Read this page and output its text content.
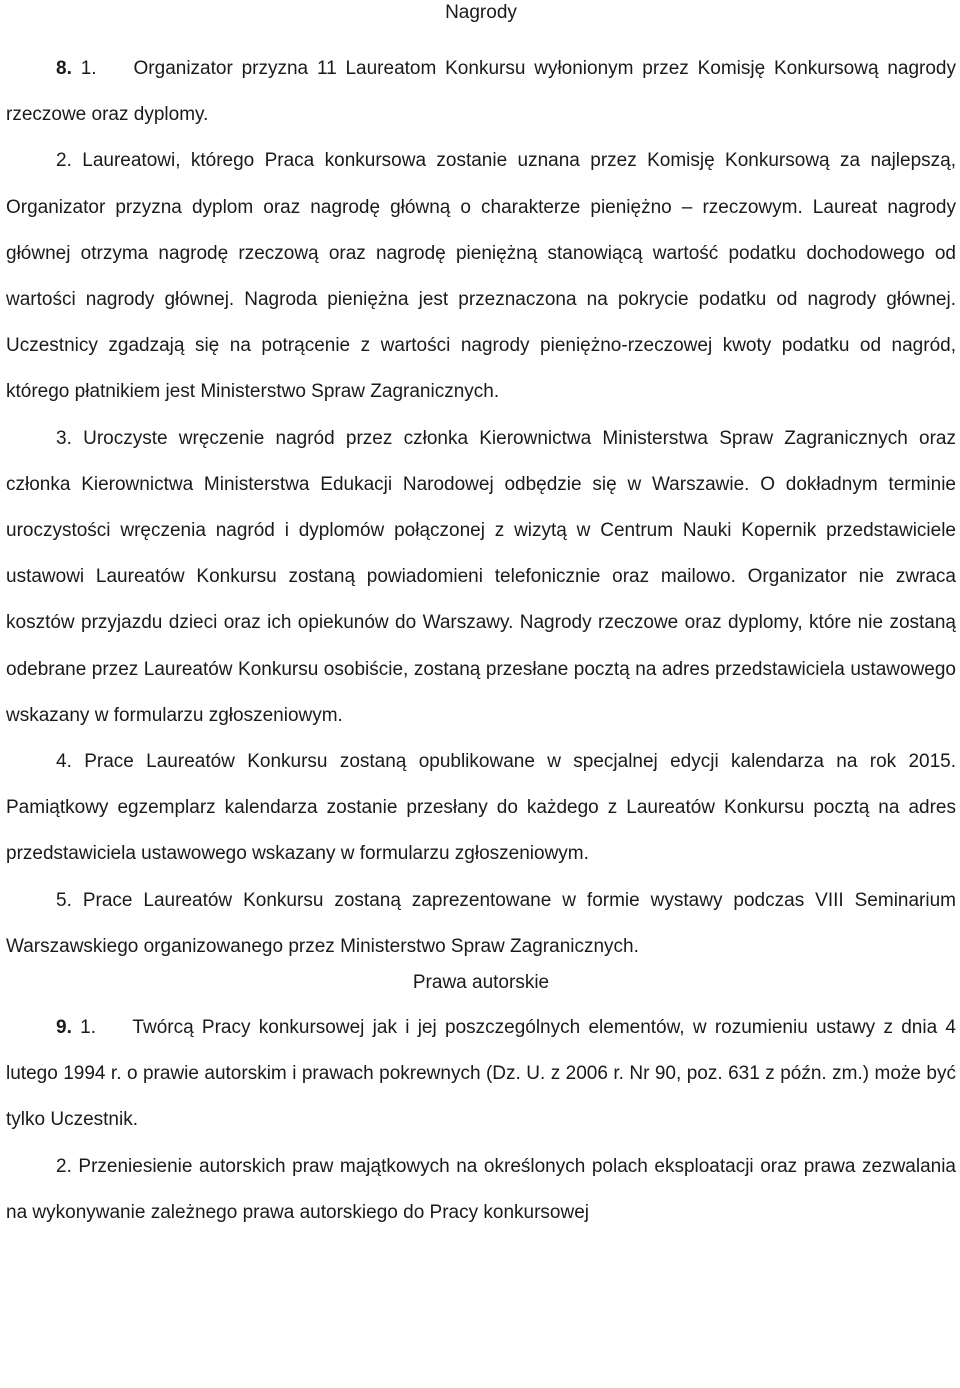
Nagrody

8. 1. Organizator przyzna 11 Laureatom Konkursu wyłonionym przez Komisję Konkursową nagrody rzeczowe oraz dyplomy.

2. Laureatowi, którego Praca konkursowa zostanie uznana przez Komisję Konkursową za najlepszą, Organizator przyzna dyplom oraz nagrodę główną o charakterze pieniężno – rzeczowym. Laureat nagrody głównej otrzyma nagrodę rzeczową oraz nagrodę pieniężną stanowiącą wartość podatku dochodowego od wartości nagrody głównej. Nagroda pieniężna jest przeznaczona na pokrycie podatku od nagrody głównej. Uczestnicy zgadzają się na potrącenie z wartości nagrody pieniężno-rzeczowej kwoty podatku od nagród, którego płatnikiem jest Ministerstwo Spraw Zagranicznych.

3. Uroczyste wręczenie nagród przez członka Kierownictwa Ministerstwa Spraw Zagranicznych oraz członka Kierownictwa Ministerstwa Edukacji Narodowej odbędzie się w Warszawie. O dokładnym terminie uroczystości wręczenia nagród i dyplomów połączonej z wizytą w Centrum Nauki Kopernik przedstawiciele ustawowi Laureatów Konkursu zostaną powiadomieni telefonicznie oraz mailowo. Organizator nie zwraca kosztów przyjazdu dzieci oraz ich opiekunów do Warszawy. Nagrody rzeczowe oraz dyplomy, które nie zostaną odebrane przez Laureatów Konkursu osobiście, zostaną przesłane pocztą na adres przedstawiciela ustawowego wskazany w formularzu zgłoszeniowym.

4. Prace Laureatów Konkursu zostaną opublikowane w specjalnej edycji kalendarza na rok 2015. Pamiątkowy egzemplarz kalendarza zostanie przesłany do każdego z Laureatów Konkursu pocztą na adres przedstawiciela ustawowego wskazany w formularzu zgłoszeniowym.

5. Prace Laureatów Konkursu zostaną zaprezentowane w formie wystawy podczas VIII Seminarium Warszawskiego organizowanego przez Ministerstwo Spraw Zagranicznych.

Prawa autorskie

9. 1. Twórcą Pracy konkursowej jak i jej poszczególnych elementów, w rozumieniu ustawy z dnia 4 lutego 1994 r. o prawie autorskim i prawach pokrewnych (Dz. U. z 2006 r. Nr 90, poz. 631 z późn. zm.) może być tylko Uczestnik.

2. Przeniesienie autorskich praw majątkowych na określonych polach eksploatacji oraz prawa zezwalania na wykonywanie zależnego prawa autorskiego do Pracy konkursowej
